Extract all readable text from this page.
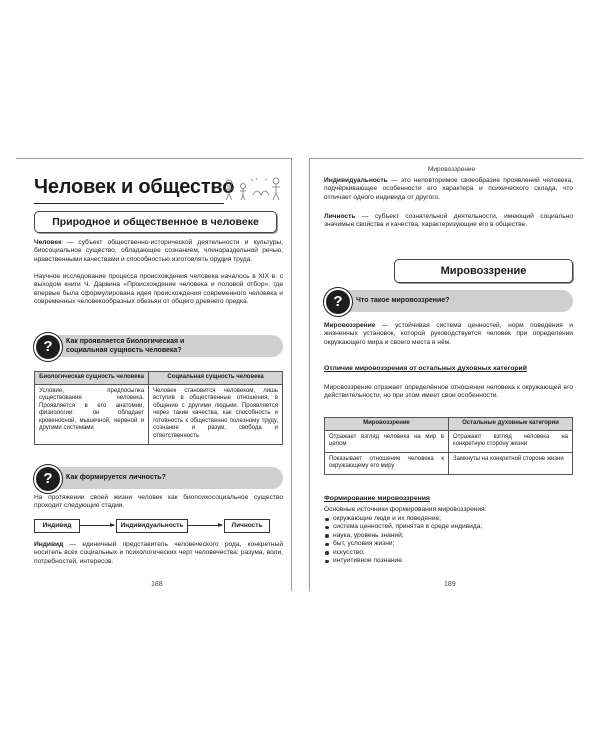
Человек и общество
Природное и общественное в человеке
Человек — субъект общественно-исторической деятельности и культуры, биосоциальное существо, обладающее сознанием, членораздельной речью, нравственными качествами и способностью изготовлять орудия труда.
Научное исследование процесса происхождения человека началось в XIX в. с выходом книги Ч. Дарвина «Происхождение человека и половой отбор», где впервые была сформулирована идея происхождения современного человека и современных человекообразных обезьян от общего древнего предка.
?	Как проявляется биологическая и социальная сущность человека?
Биологическая сущность человека	Социальная сущность человека
Условие, предпосылка существования человека. Проявляется в его анатомии, физиологии: он обладает кровеносной, мышечной, нервной и другими системами	Человек становится человеком, лишь вступив в общественные отношения, в общение с другими людьми. Проявляется через такие качества, как способность и готовность к общественно полезному труду, сознание и разум, свобода и ответственность
?	Как формируется личность?
На протяжении своей жизни человек как биопсихосоциальное существо проходит следующие стадии.
Индивид	Индивидуальность	Личность
Индивид — единичный представитель человеческого рода, конкретный носитель всех социальных и психологических черт человечества: разума, воли, потребностей, интересов.
188
Мировоззрение
Индивидуальность — это неповторимое своеобразие проявлений человека, подчёркивающее особенности его характера и психического склада, что отличает одного индивида от другого.
Личность — субъект сознательной деятельности, имеющий социально значимые свойства и качества, характеризующие его в обществе.
Мировоззрение
?	Что такое мировоззрение?
Мировоззрение — устойчивая система ценностей, норм поведения и жизненных установок, которой руководствуется человек при определении окружающего мира и своего места в нём.
Отличие мировоззрения от остальных духовных категорий
Мировоззрение отражает определённое отношение человека к окружающей его действительности, но при этом имеет свои особенности.
Мировоззрение	Остальные духовные категории
Отражает взгляд человека на мир в целом	Отражают взгляд человека на конкретную сторону жизни
Показывает отношение человека к окружающему его миру	Замкнуты на конкретной стороне жизни
Формирование мировоззрения
Основные источники формирования мировоззрения:
окружающие люди и их поведение;
система ценностей, принятая в среде индивида;
наука, уровень знаний;
быт, условия жизни;
искусство;
интуитивное познание.
189
